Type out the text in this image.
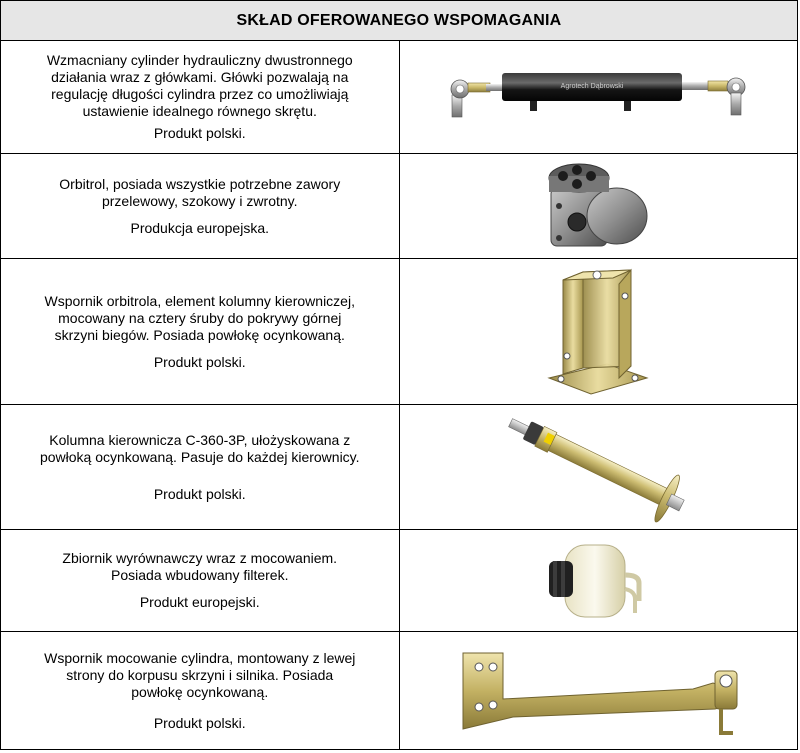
SKŁAD OFEROWANEGO WSPOMAGANIA	

Wzmacniany cylinder hydrauliczny dwustronnego

działania wraz z główkami. Główki pozwalają na

regulację długości cylindra przez co umożliwiają

ustawienie idealnego równego skrętu.

Produkt polski.	Agrotech Dąbrowski

Orbitrol, posiada wszystkie potrzebne zawory

przelewowy, szokowy i zwrotny.

Produkcja europejska.

Wspornik orbitrola, element kolumny kierowniczej,

mocowany na cztery śruby do pokrywy górnej

skrzyni biegów. Posiada powłokę ocynkowaną.

Produkt polski.

Kolumna kierownicza C-360-3P, ułożyskowana z

powłoką ocynkowaną. Pasuje do każdej kierownicy.

Produkt polski.

Zbiornik wyrównawczy wraz z mocowaniem.

Posiada wbudowany filterek.

Produkt europejski.

Wspornik mocowanie cylindra, montowany z lewej

strony do korpusu skrzyni i silnika. Posiada

powłokę ocynkowaną.

Produkt polski.
